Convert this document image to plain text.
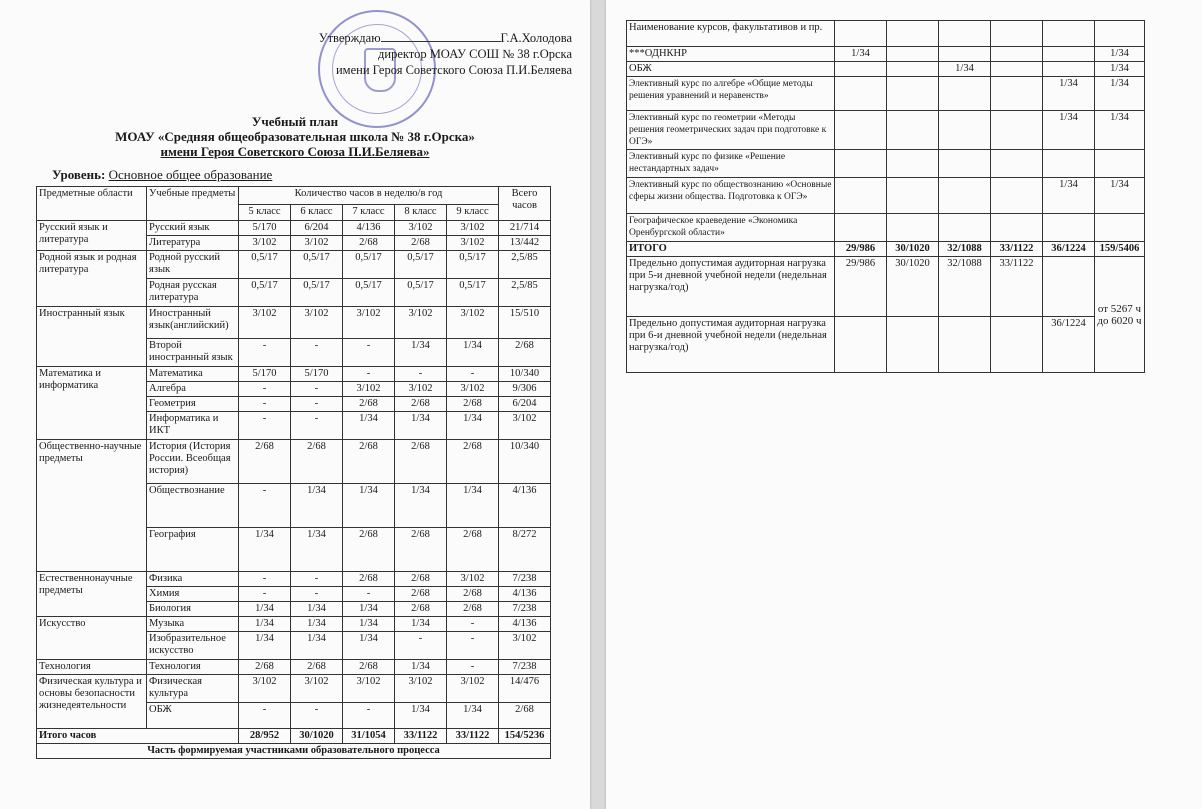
Утверждаю	Г.А.Холодова
директор МОАУ СОШ № 38 г.Орска
имени Героя Советского Союза П.И.Беляева
Учебный план
МОАУ «Средняя общеобразовательная школа № 38 г.Орска»
имени Героя Советского Союза П.И.Беляева»
Уровень: Основное общее образование
Предметные области	Учебные предметы	Количество часов в неделю/в год					Всего часов
		5 класс	6 класс	7 класс	8 класс	9 класс	
Русский язык и литература	Русский язык	5/170	6/204	4/136	3/102	3/102	21/714
	Литература	3/102	3/102	2/68	2/68	3/102	13/442
Родной язык и родная литература	Родной русский язык	0,5/17	0,5/17	0,5/17	0,5/17	0,5/17	2,5/85
	Родная русская литература	0,5/17	0,5/17	0,5/17	0,5/17	0,5/17	2,5/85
Иностранный язык	Иностранный язык(английский)	3/102	3/102	3/102	3/102	3/102	15/510
	Второй иностранный язык	-	-	-	1/34	1/34	2/68
Математика и информатика	Математика	5/170	5/170	-	-	-	10/340
	Алгебра	-	-	3/102	3/102	3/102	9/306
	Геометрия	-	-	2/68	2/68	2/68	6/204
	Информатика и ИКТ	-	-	1/34	1/34	1/34	3/102
Общественно-научные предметы	История (История России. Всеобщая история)	2/68	2/68	2/68	2/68	2/68	10/340
	Обществознание	-	1/34	1/34	1/34	1/34	4/136
	География	1/34	1/34	2/68	2/68	2/68	8/272
Естественнонаучные предметы	Физика	-	-	2/68	2/68	3/102	7/238
	Химия	-	-	-	2/68	2/68	4/136
	Биология	1/34	1/34	1/34	2/68	2/68	7/238
Искусство	Музыка	1/34	1/34	1/34	1/34	-	4/136
	Изобразительное искусство	1/34	1/34	1/34	-	-	3/102
Технология	Технология	2/68	2/68	2/68	1/34	-	7/238
Физическая культура и основы безопасности жизнедеятельности	Физическая культура	3/102	3/102	3/102	3/102	3/102	14/476
	ОБЖ	-	-	-	1/34	1/34	2/68
Итого часов		28/952	30/1020	31/1054	33/1122	33/1122	154/5236
Часть формируемая участниками образовательного процесса							
Наименование курсов, факультативов и пр.						
***ОДНКНР	1/34					1/34
ОБЖ			1/34			1/34
Элективный курс по алгебре «Общие методы решения уравнений и неравенств»					1/34	1/34
Элективный курс по геометрии «Методы решения геометрических задач при подготовке к ОГЭ»					1/34	1/34
Элективный курс по физике «Решение нестандартных задач»						
Элективный курс по обществознанию «Основные сферы жизни общества. Подготовка к ОГЭ»					1/34	1/34
Географическое краеведение «Экономика Оренбургской области»						
ИТОГО	29/986	30/1020	32/1088	33/1122	36/1224	159/5406
Предельно допустимая аудиторная нагрузка при 5-и дневной учебной недели (недельная нагрузка/год)	29/986	30/1020	32/1088	33/1122		от 5267 ч до 6020 ч
Предельно допустимая аудиторная нагрузка при 6-и дневной учебной недели (недельная нагрузка/год)					36/1224	
